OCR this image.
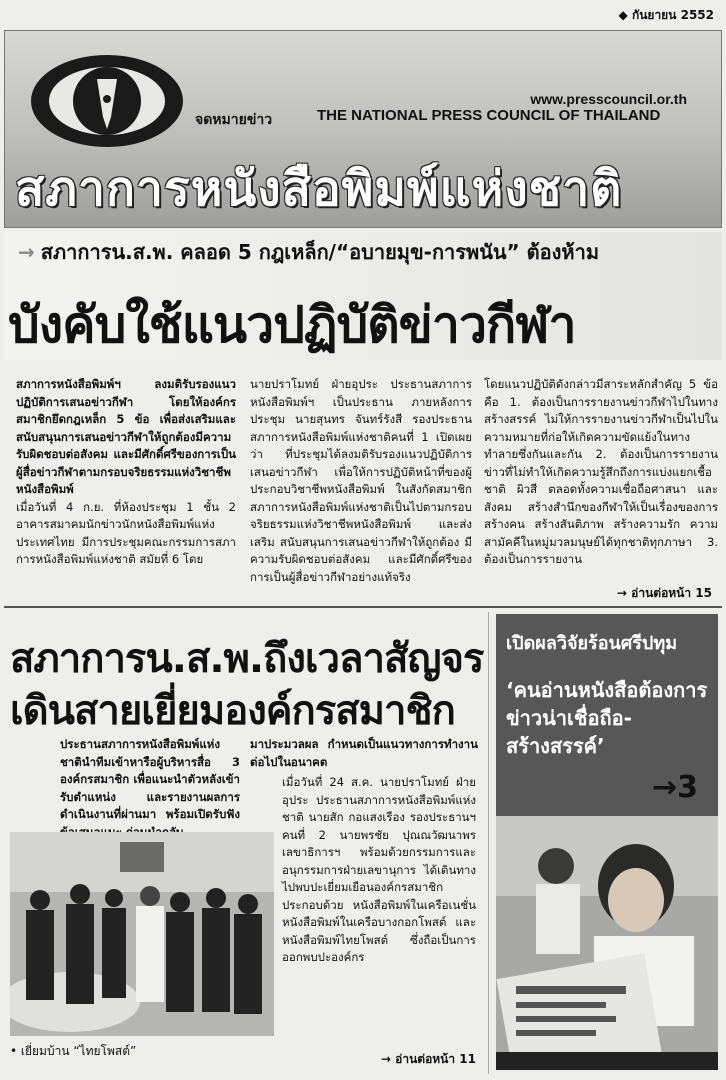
◆ กันยายน 2552
www.presscouncil.or.th
จดหมายข่าว	THE NATIONAL PRESS COUNCIL OF THAILAND
สภาการหนังสือพิมพ์แห่งชาติ
→ สภาการน.ส.พ. คลอด 5 กฎเหล็ก/“อบายมุข-การพนัน” ต้องห้าม
บังคับใช้แนวปฏิบัติข่าวกีฬา
สภาการหนังสือพิมพ์ฯ ลงมติรับรองแนวปฏิบัติการเสนอข่าวกีฬา โดยให้องค์กรสมาชิกยึดกฎเหล็ก 5 ข้อ เพื่อส่งเสริมและสนับสนุนการเสนอข่าวกีฬาให้ถูกต้องมีความรับผิดชอบต่อสังคม และมีศักดิ์ศรีของการเป็นผู้สื่อข่าวกีฬาตามกรอบจริยธรรมแห่งวิชาชีพหนังสือพิมพ์
เมื่อวันที่ 4 ก.ย. ที่ห้องประชุม 1 ชั้น 2 อาคารสมาคมนักข่าวนักหนังสือพิมพ์แห่งประเทศไทย มีการประชุมคณะกรรมการสภาการหนังสือพิมพ์แห่งชาติ สมัยที่ 6 โดย
นายปราโมทย์ ฝ่ายอุประ ประธานสภาการหนังสือพิมพ์ฯ เป็นประธาน ภายหลังการประชุม นายสุนทร จันทร์รังสี รองประธานสภาการหนังสือพิมพ์แห่งชาติคนที่ 1 เปิดเผยว่า ที่ประชุมได้ลงมติรับรองแนวปฏิบัติการเสนอข่าวกีฬา เพื่อให้การปฏิบัติหน้าที่ของผู้ประกอบวิชาชีพหนังสือพิมพ์ ในสังกัดสมาชิกสภาการหนังสือพิมพ์แห่งชาติเป็นไปตามกรอบจริยธรรมแห่งวิชาชีพหนังสือพิมพ์ และส่งเสริม สนับสนุนการเสนอข่าวกีฬาให้ถูกต้อง มีความรับผิดชอบต่อสังคม และมีศักดิ์ศรีของการเป็นผู้สื่อข่าวกีฬาอย่างแท้จริง
โดยแนวปฏิบัติดังกล่าวมีสาระหลักสำคัญ 5 ข้อ คือ 1. ต้องเป็นการรายงานข่าวกีฬาไปในทางสร้างสรรค์ ไม่ให้การรายงานข่าวกีฬาเป็นไปในความหมายที่ก่อให้เกิดความขัดแย้งในทางทำลายซึ่งกันและกัน 2. ต้องเป็นการรายงานข่าวที่ไม่ทำให้เกิดความรู้สึกถึงการแบ่งแยกเชื้อชาติ ผิวสี ตลอดทั้งความเชื่อถือศาสนา และสังคม สร้างสำนึกของกีฬาให้เป็นเรื่องของการสร้างคน สร้างสันติภาพ สร้างความรัก ความสามัคคีในหมู่มวลมนุษย์ได้ทุกชาติทุกภาษา 3. ต้องเป็นการรายงาน
→ อ่านต่อหน้า 15
สภาการน.ส.พ.ถึงเวลาสัญจร
เดินสายเยี่ยมองค์กรสมาชิก
ประธานสภาการหนังสือพิมพ์แห่งชาตินำทีมเข้าหารือผู้บริหารสื่อ 3 องค์กรสมาชิก เพื่อแนะนำตัวหลังเข้ารับตำแหน่ง และรายงานผลการดำเนินงานที่ผ่านมา พร้อมเปิดรับฟัง
มาประมวลผล กำหนดเป็นแนวทางการทำงานต่อไปในอนาคต
เมื่อวันที่ 24 ส.ค. นายปราโมทย์ ฝ่ายอุประ ประธานสภาการหนังสือพิมพ์แห่งชาติ นายสัก กอแสงเรือง รองประธานฯ คนที่ 2 นายพรชัย ปุณณวัฒนาพร เลขาธิการฯ พร้อมด้วยกรรมการและอนุกรรมการฝ่ายเลขานุการ ได้เดินทางไปพบปะเยี่ยมเยือนองค์กรสมาชิก ประกอบด้วย หนังสือพิมพ์ในเครือเนชั่น หนังสือพิมพ์ในเครือบางกอกโพสต์ และหนังสือพิมพ์ไทยโพสต์ ซึ่งถือเป็นการออกพบปะองค์กร
• เยี่ยมบ้าน “ไทยโพสต์”
→ อ่านต่อหน้า 11
เปิดผลวิจัยร้อนศรีปทุม
‘คนอ่านหนังสือต้องการข่าวน่าเชื่อถือ-สร้างสรรค์’
→3
